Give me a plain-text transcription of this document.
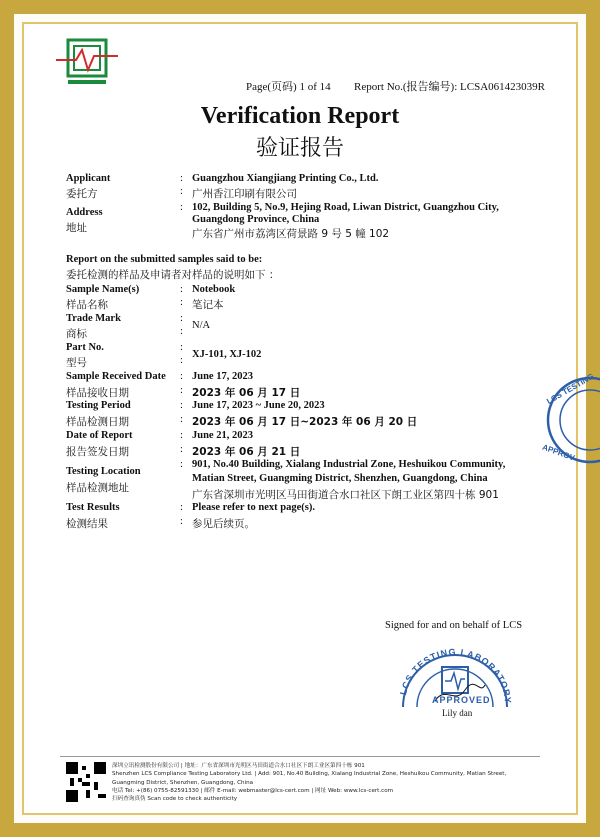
Page(页码) 1 of 14 Report No.(报告编号): LCSA061423039R
Verification Report
验证报告
Applicant
委托方
:
:
Guangzhou Xiangjiang Printing Co., Ltd.
广州香江印刷有限公司
Address
地址
: 102, Building 5, No.9, Hejing Road, Liwan District, Guangzhou City,
Guangdong Province, China
广东省广州市荔湾区荷景路 9 号 5 幢 102
Report on the submitted samples said to be:
委托检测的样品及申请者对样品的说明如下 ：
Sample Name(s)
样品名称
:
:
Notebook
笔记本
Trade Mark
商标
:
:
N/A
Part No.
型号
:
:
XJ-101, XJ-102
Sample Received Date
样品接收日期
:
:
June 17, 2023
2023 年 06 月 17 日
Testing Period
样品检测日期
:
:
June 17, 2023 ~ June 20, 2023
2023 年 06 月 17 日~2023 年 06 月 20 日
Date of Report
报告签发日期
:
:
June 21, 2023
2023 年 06 月 21 日
Testing Location
样品检测地址
: 901, No.40 Building, Xialang Industrial Zone, Heshuikou Community,
Matian Street, Guangming District, Shenzhen, Guangdong, China
广东省深圳市光明区马田街道合水口社区下朗工业区第四十栋 901
Test Results
检测结果
:
:
Please refer to next page(s).
参见后续页。
Signed for and on behalf of LCS
LCS TESTING LABORATORY
APPROVED
Lily dan
LCS TESTING
APPROV
深圳立讯检测股份有限公司 | 地址：广东省深圳市光明区马田街道合水口社区下朗工业区第四十栋 901
Shenzhen LCS Compliance Testing Laboratory Ltd. | Add: 901, No.40 Building, Xialang Industrial Zone, Heshuikou Community, Matian Street,
Guangming District, Shenzhen, Guangdong, China
电话 Tel: +(86) 0755-82591330 | 邮件 E-mail: webmaster@lcs-cert.com | 网址 Web: www.lcs-cert.com
扫码查询真伪 Scan code to check authenticity
